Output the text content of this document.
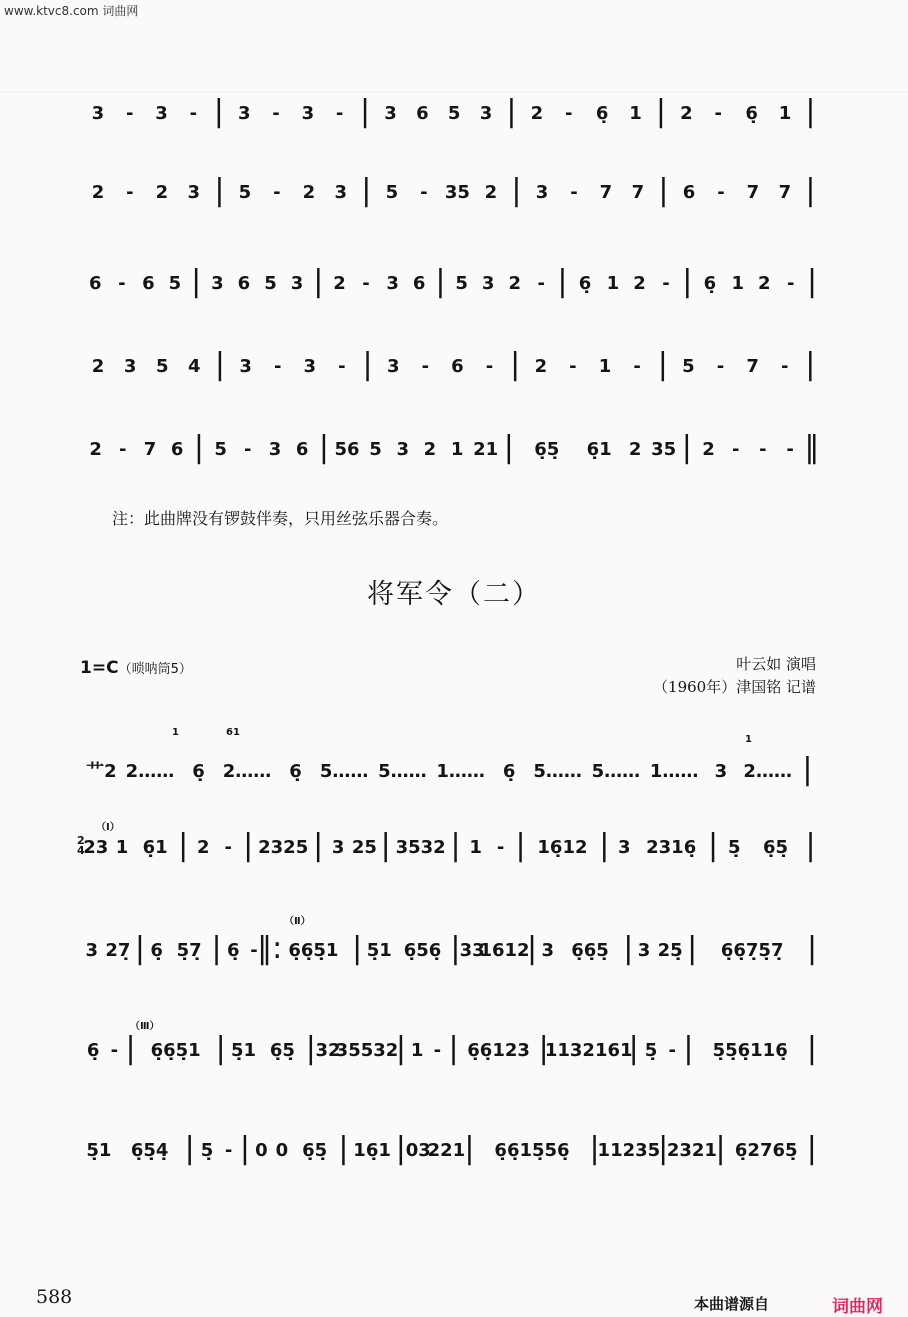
www.ktvc8.com 词曲网
3 - 3 - | 3 - 3 - | 3 6 5 3 | 2 - 6̣ 1 | 2 - 6̣ 1 |
2 - 2 3 | 5 - 2 3 | 5 - 35 2 | 3 - 7 7 | 6 - 7 7 |
6 - 6 5 | 3 6 5 3 | 2 - 3 6 | 5 3 2 - | 6̣ 1 2 - | 6̣ 1 2 - |
2 3 5 4 | 3 - 3 - | 3 - 6 - | 2 - 1 - | 5 - 7 - |
2 - 7 6 | 5 - 3 6 | 56 5 3 2 1 21 | 6̣5̣ 6̣1 2 35 | 2 - - - ‖
注：此曲牌没有锣鼓伴奏，只用丝弦乐器合奏。
将军令（二）
1=C（唢呐筒5）	叶云如 演唱
（1960年）津国铭 记谱
2
4
（Ⅰ）
（Ⅱ）
（Ⅲ）
1	61
1
艹2 2…… 6̣ 2…… 6̣ 5…… 5…… 1…… 6̣ 5…… 5…… 1…… 3 2…… |
23 1 6̣1 | 2 - | 2325 | 3 25 | 3532 | 1 - | 16̣12 | 3 2316̣ | 5̣ 6̣5̣ |
3 27̣ | 6̣ 5̣7̣ | 6̣ - ‖: 6̣6̣5̣1 | 5̣1 6̣56̣ | 33
1612
| 3 6̣6̣5̣ | 3 25̣ | 6̣6̣7̣5̣7̣ |
6̣ - | 6̣6̣5̣1 | 5̣1 6̣5̣ | 32
35532
| 1 - | 6̣6̣123 |
1132161
| 5̣ - | 5̣5̣6̣116̣ |
5̣1 6̣5̣4̣ | 5̣ - | 0 0 6̣5̣ | 16̣1 | 03
221 | 6̣6̣15̣56̣ |
11235
|
2321
| 6̣2765̣ |
588	本曲谱源自	词曲网
